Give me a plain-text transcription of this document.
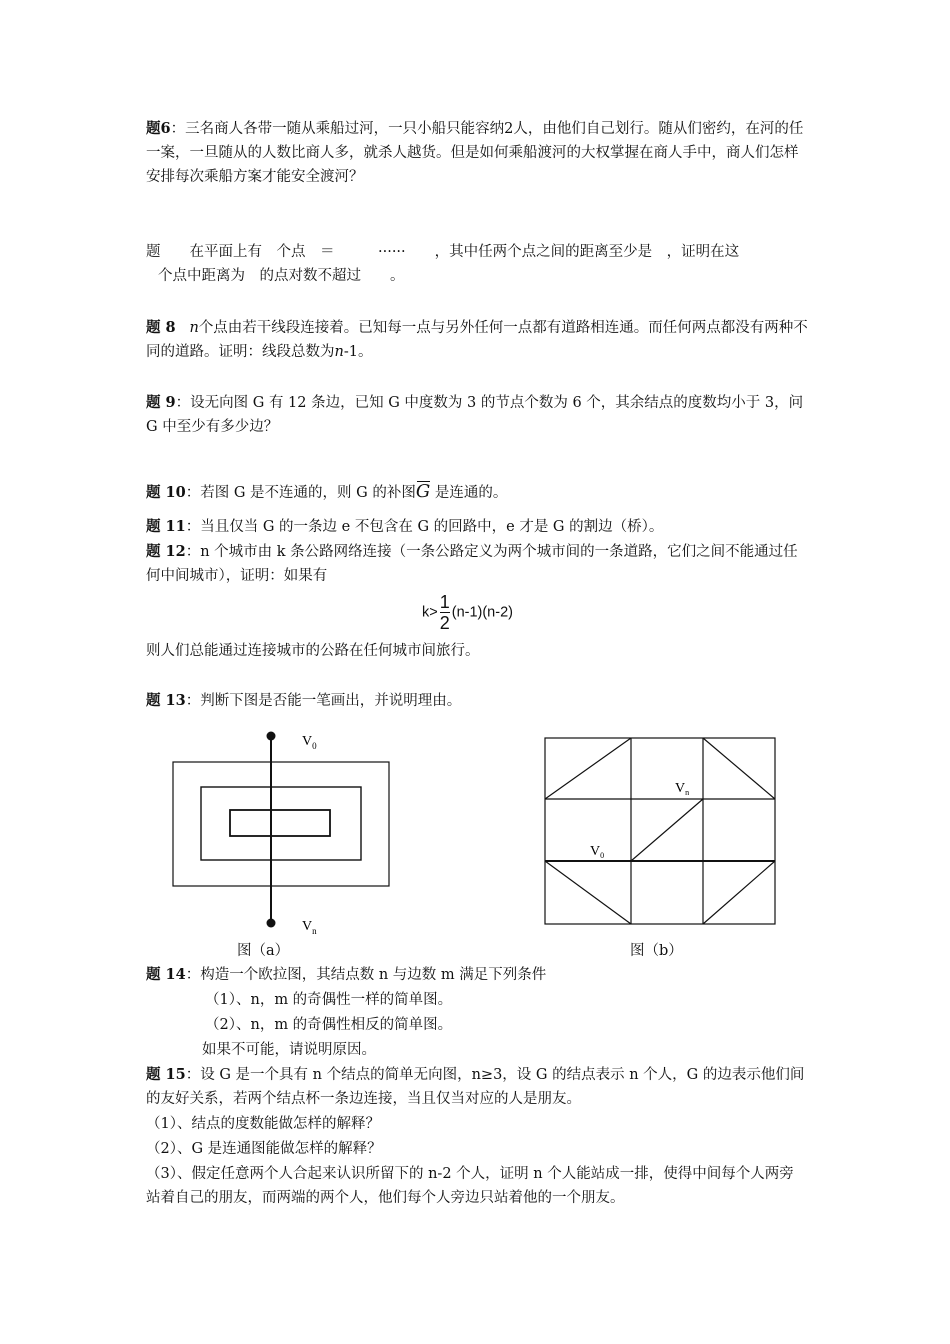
题6：三名商人各带一随从乘船过河，一只小船只能容纳2人，由他们自己划行。随从们密约，在河的任一案，一旦随从的人数比商人多，就杀人越货。但是如何乘船渡河的大权掌握在商人手中，商人们怎样安排每次乘船方案才能安全渡河？

题　　在平面上有　个点　＝　　　······　　，其中任两个点之间的距离至少是　，证明在这
个点中距离为　的点对数不超过　　。

题 8 n个点由若干线段连接着。已知每一点与另外任何一点都有道路相连通。而任何两点都没有两种不同的道路。证明：线段总数为n-1。

题 9：设无向图 G 有 12 条边，已知 G 中度数为 3 的节点个数为 6 个，其余结点的度数均小于 3，问 G 中至少有多少边？

题 10：若图 G 是不连通的，则 G 的补图G 是连通的。

题 11：当且仅当 G 的一条边 e 不包含在 G 的回路中，e 才是 G 的割边（桥）。

题 12：n 个城市由 k 条公路网络连接（一条公路定义为两个城市间的一条道路，它们之间不能通过任何中间城市），证明：如果有

$k> \frac{1}{2} (n-1)(n-2)$

则人们总能通过连接城市的公路在任何城市间旅行。

题 13：判断下图是否能一笔画出，并说明理由。

$V_0$
$V_n$
图（a）
$V_n$
$V_0$
图（b）

题 14：构造一个欧拉图，其结点数 n 与边数 m 满足下列条件

（1）、n，m 的奇偶性一样的简单图。

（2）、n，m 的奇偶性相反的简单图。

如果不可能，请说明原因。

题 15：设 G 是一个具有 n 个结点的简单无向图，n≥3，设 G 的结点表示 n 个人，G 的边表示他们间的友好关系，若两个结点杯一条边连接，当且仅当对应的人是朋友。

（1）、结点的度数能做怎样的解释？

（2）、G 是连通图能做怎样的解释？

（3）、假定任意两个人合起来认识所留下的 n-2 个人，证明 n 个人能站成一排，使得中间每个人两旁站着自己的朋友，而两端的两个人，他们每个人旁边只站着他的一个朋友。
